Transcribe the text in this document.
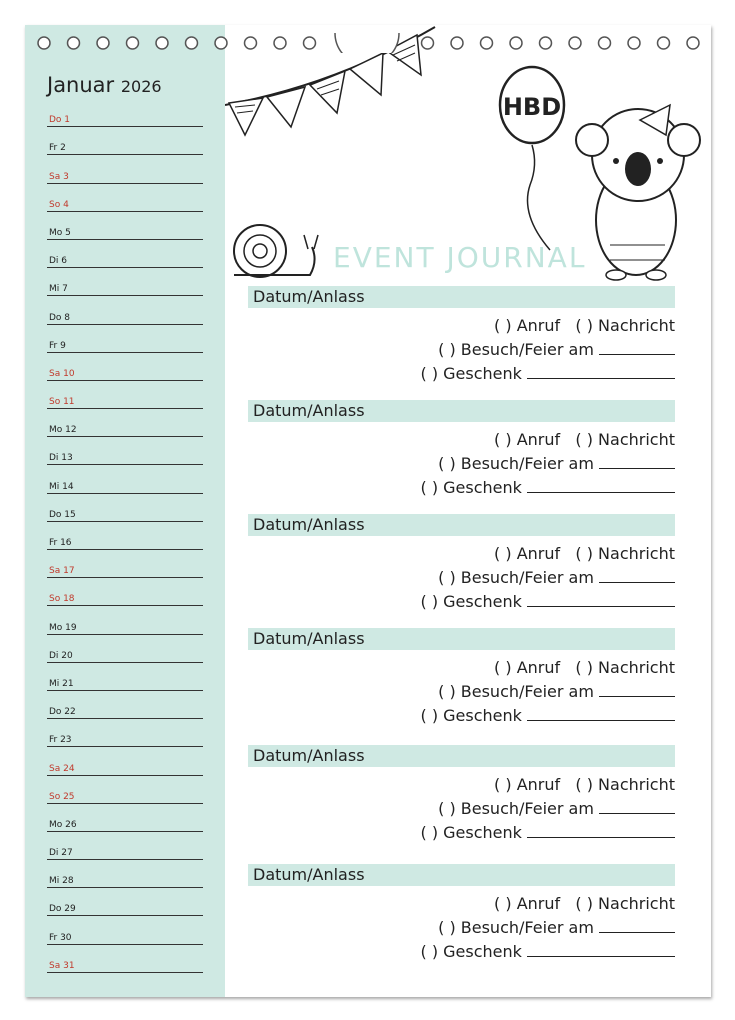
Januar 2026
Do 1
Fr 2
Sa 3
So 4
Mo 5
Di 6
Mi 7
Do 8
Fr 9
Sa 10
So 11
Mo 12
Di 13
Mi 14
Do 15
Fr 16
Sa 17
So 18
Mo 19
Di 20
Mi 21
Do 22
Fr 23
Sa 24
So 25
Mo 26
Di 27
Mi 28
Do 29
Fr 30
Sa 31
HBD
EVENT JOURNAL
Datum/Anlass
( ) Anruf ( ) Nachricht
( ) Besuch/Feier am
( ) Geschenk
Datum/Anlass
( ) Anruf ( ) Nachricht
( ) Besuch/Feier am
( ) Geschenk
Datum/Anlass
( ) Anruf ( ) Nachricht
( ) Besuch/Feier am
( ) Geschenk
Datum/Anlass
( ) Anruf ( ) Nachricht
( ) Besuch/Feier am
( ) Geschenk
Datum/Anlass
( ) Anruf ( ) Nachricht
( ) Besuch/Feier am
( ) Geschenk
Datum/Anlass
( ) Anruf ( ) Nachricht
( ) Besuch/Feier am
( ) Geschenk
